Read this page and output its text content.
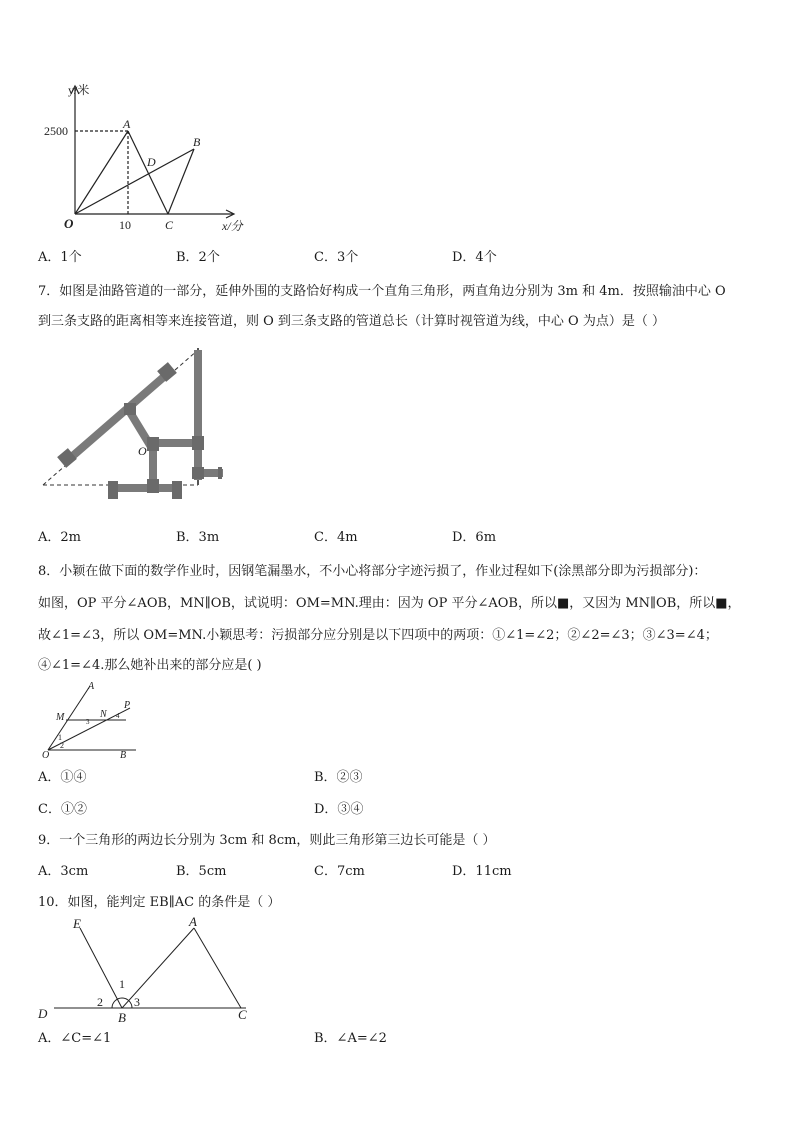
y/米
x/分
2500
10
A
B
C
D
O
A．1个	B．2个	C．3个	D．4个
7．如图是油路管道的一部分，延伸外围的支路恰好构成一个直角三角形，两直角边分别为 3m 和 4m．按照输油中心 O
到三条支路的距离相等来连接管道，则 O 到三条支路的管道总长（计算时视管道为线，中心 O 为点）是（ ）
O
A．2m	B．3m	C．4m	D．6m
8．小颖在做下面的数学作业时，因钢笔漏墨水，不小心将部分字迹污损了，作业过程如下(涂黑部分即为污损部分)：
如图，OP 平分∠AOB，MN∥OB，试说明：OM=MN.理由：因为 OP 平分∠AOB，所以■，又因为 MN∥OB，所以■，
故∠1=∠3，所以 OM=MN.小颖思考：污损部分应分别是以下四项中的两项：①∠1=∠2；②∠2=∠3；③∠3=∠4；
④∠1=∠4.那么她补出来的部分应是( )
A
M	N
P
O	B
1
2
3
4
A．①④	B．②③
C．①②	D．③④
9．一个三角形的两边长分别为 3cm 和 8cm，则此三角形第三边长可能是（ ）
A．3cm	B．5cm	C．7cm	D．11cm
10．如图，能判定 EB∥AC 的条件是（ ）
E	A
D	B	C
1
2	3
A．∠C=∠1	B．∠A=∠2
